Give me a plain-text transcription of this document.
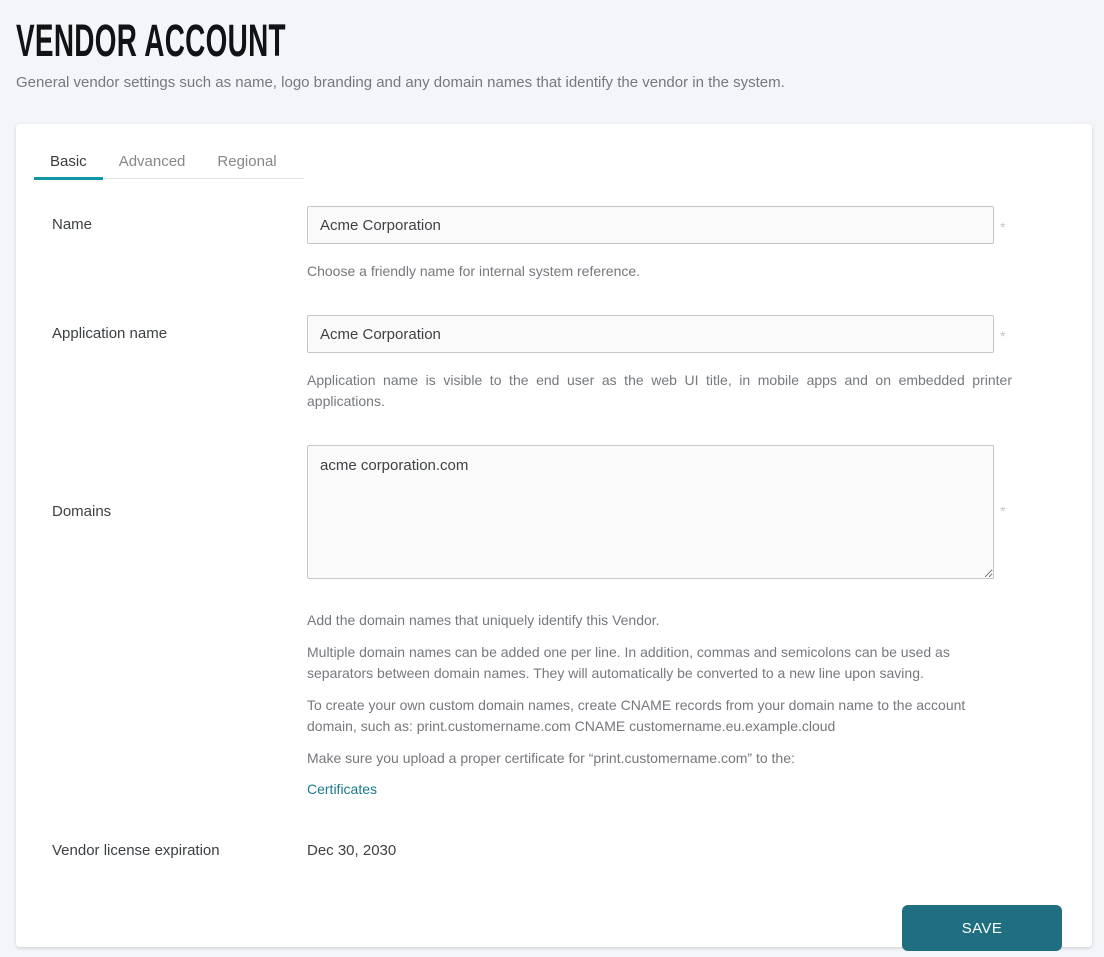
VENDOR ACCOUNT

General vendor settings such as name, logo branding and any domain names that identify the vendor in the system.

Basic Advanced Regional
Name
Acme Corporation	*

Choose a friendly name for internal system reference.

Application name
Acme Corporation	*

Application name is visible to the end user as the web UI title, in mobile apps and on embedded printer applications.

Domains
acme corporation.com	*

Add the domain names that uniquely identify this Vendor.

Multiple domain names can be added one per line. In addition, commas and semicolons can be used as separators between domain names. They will automatically be converted to a new line upon saving.

To create your own custom domain names, create CNAME records from your domain name to the account domain, such as: print.customername.com CNAME customername.eu.example.cloud

Make sure you upload a proper certificate for “print.customername.com” to the:

Certificates
Vendor license expiration	Dec 30, 2030
SAVE
